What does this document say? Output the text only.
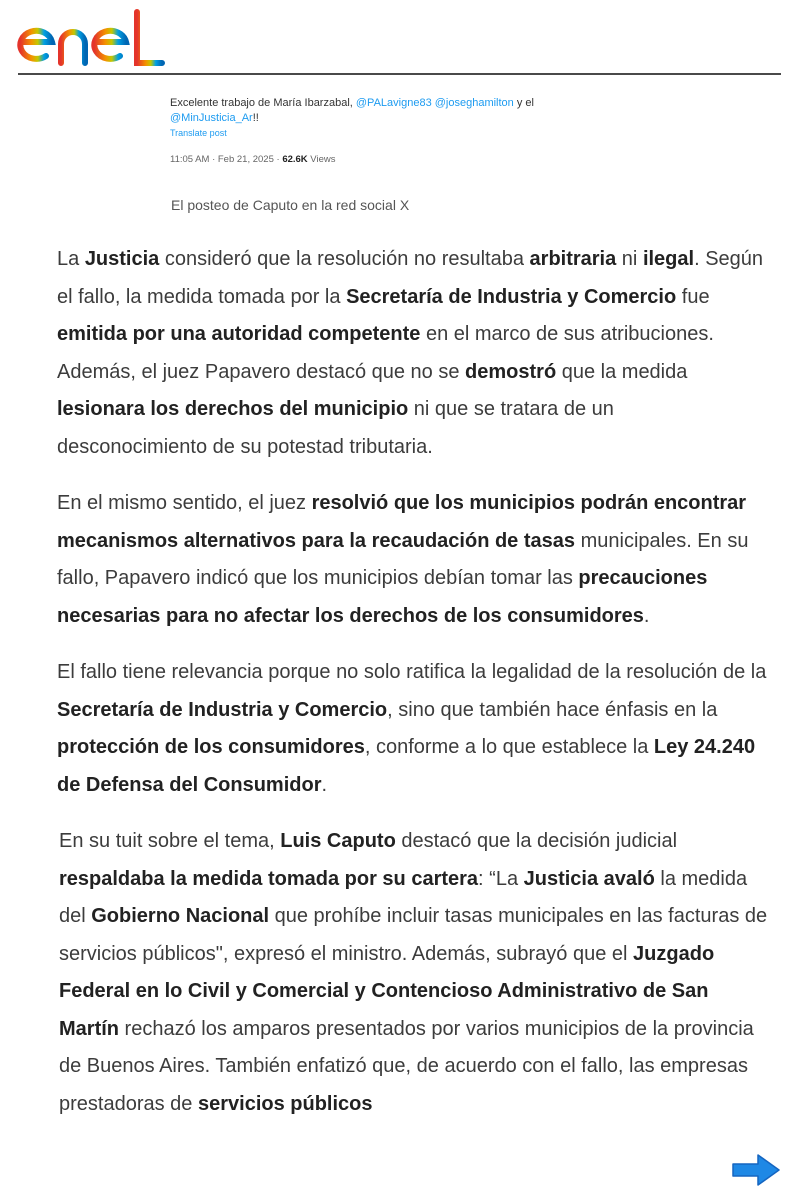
Excelente trabajo de María Ibarzabal, @PALavigne83 @joseghamilton y el
@MinJusticia_Ar!!
Translate post
11:05 AM · Feb 21, 2025 · 62.6K Views
El posteo de Caputo en la red social X

La Justicia consideró que la resolución no resultaba arbitraria ni ilegal. Según el fallo, la medida tomada por la Secretaría de Industria y Comercio fue emitida por una autoridad competente en el marco de sus atribuciones. Además, el juez Papavero destacó que no se demostró que la medida lesionara los derechos del municipio ni que se tratara de un desconocimiento de su potestad tributaria.

En el mismo sentido, el juez resolvió que los municipios podrán encontrar mecanismos alternativos para la recaudación de tasas municipales. En su fallo, Papavero indicó que los municipios debían tomar las precauciones necesarias para no afectar los derechos de los consumidores.

El fallo tiene relevancia porque no solo ratifica la legalidad de la resolución de la Secretaría de Industria y Comercio, sino que también hace énfasis en la protección de los consumidores, conforme a lo que establece la Ley 24.240 de Defensa del Consumidor.

En su tuit sobre el tema, Luis Caputo destacó que la decisión judicial respaldaba la medida tomada por su cartera: “La Justicia avaló la medida del Gobierno Nacional que prohíbe incluir tasas municipales en las facturas de servicios públicos", expresó el ministro. Además, subrayó que el Juzgado Federal en lo Civil y Comercial y Contencioso Administrativo de San Martín rechazó los amparos presentados por varios municipios de la provincia de Buenos Aires. También enfatizó que, de acuerdo con el fallo, las empresas prestadoras de servicios públicos
